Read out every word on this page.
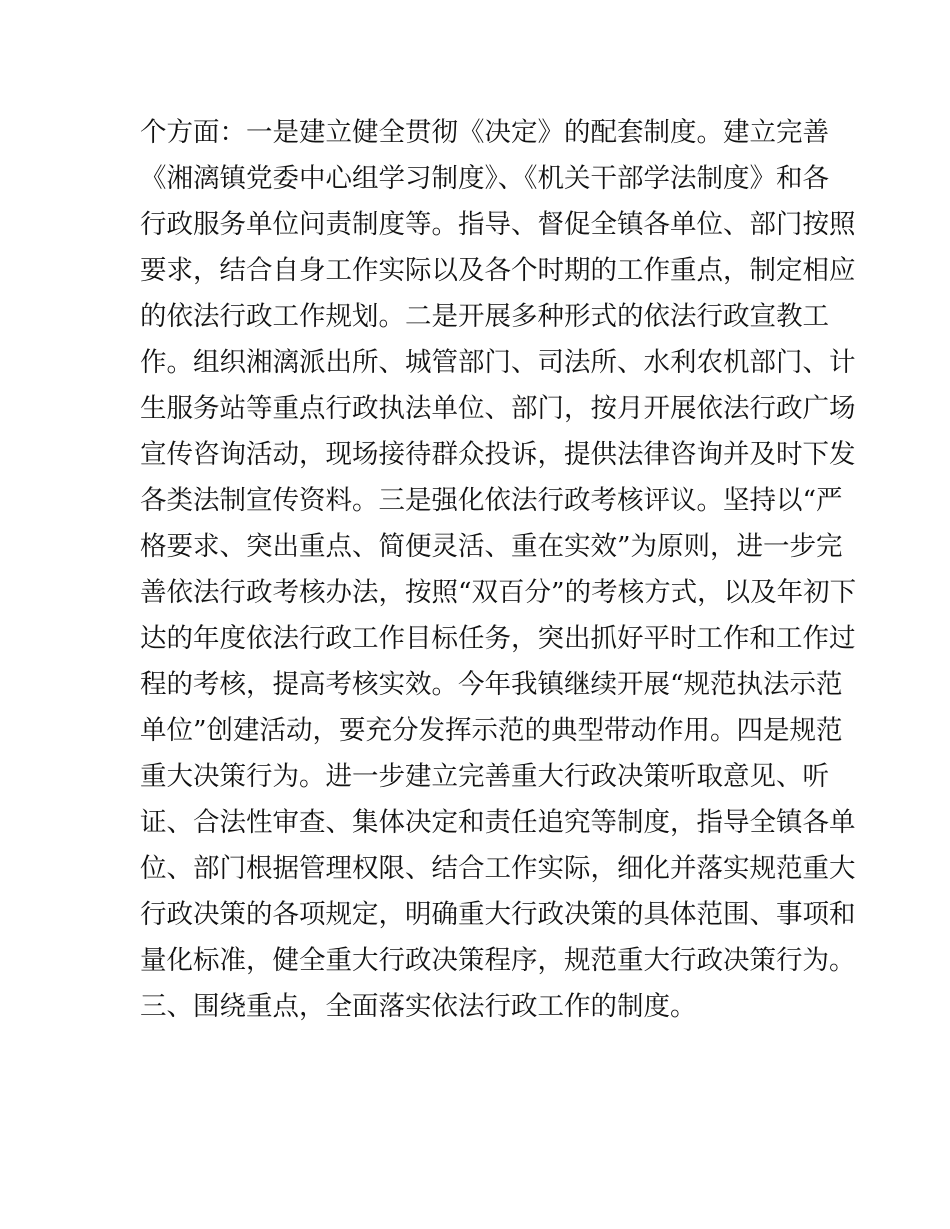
个方面：一是建立健全贯彻《决定》的配套制度。建立完善
《湘漓镇党委中心组学习制度》、《机关干部学法制度》和各
行政服务单位问责制度等。指导、督促全镇各单位、部门按照
要求，结合自身工作实际以及各个时期的工作重点，制定相应
的依法行政工作规划。二是开展多种形式的依法行政宣教工
作。组织湘漓派出所、城管部门、司法所、水利农机部门、计
生服务站等重点行政执法单位、部门，按月开展依法行政广场
宣传咨询活动，现场接待群众投诉，提供法律咨询并及时下发
各类法制宣传资料。三是强化依法行政考核评议。坚持以“严
格要求、突出重点、简便灵活、重在实效”为原则，进一步完
善依法行政考核办法，按照“双百分”的考核方式，以及年初下
达的年度依法行政工作目标任务，突出抓好平时工作和工作过
程的考核，提高考核实效。今年我镇继续开展“规范执法示范
单位”创建活动，要充分发挥示范的典型带动作用。四是规范
重大决策行为。进一步建立完善重大行政决策听取意见、听
证、合法性审查、集体决定和责任追究等制度，指导全镇各单
位、部门根据管理权限、结合工作实际，细化并落实规范重大
行政决策的各项规定，明确重大行政决策的具体范围、事项和
量化标准，健全重大行政决策程序，规范重大行政决策行为。
三、围绕重点，全面落实依法行政工作的制度。
